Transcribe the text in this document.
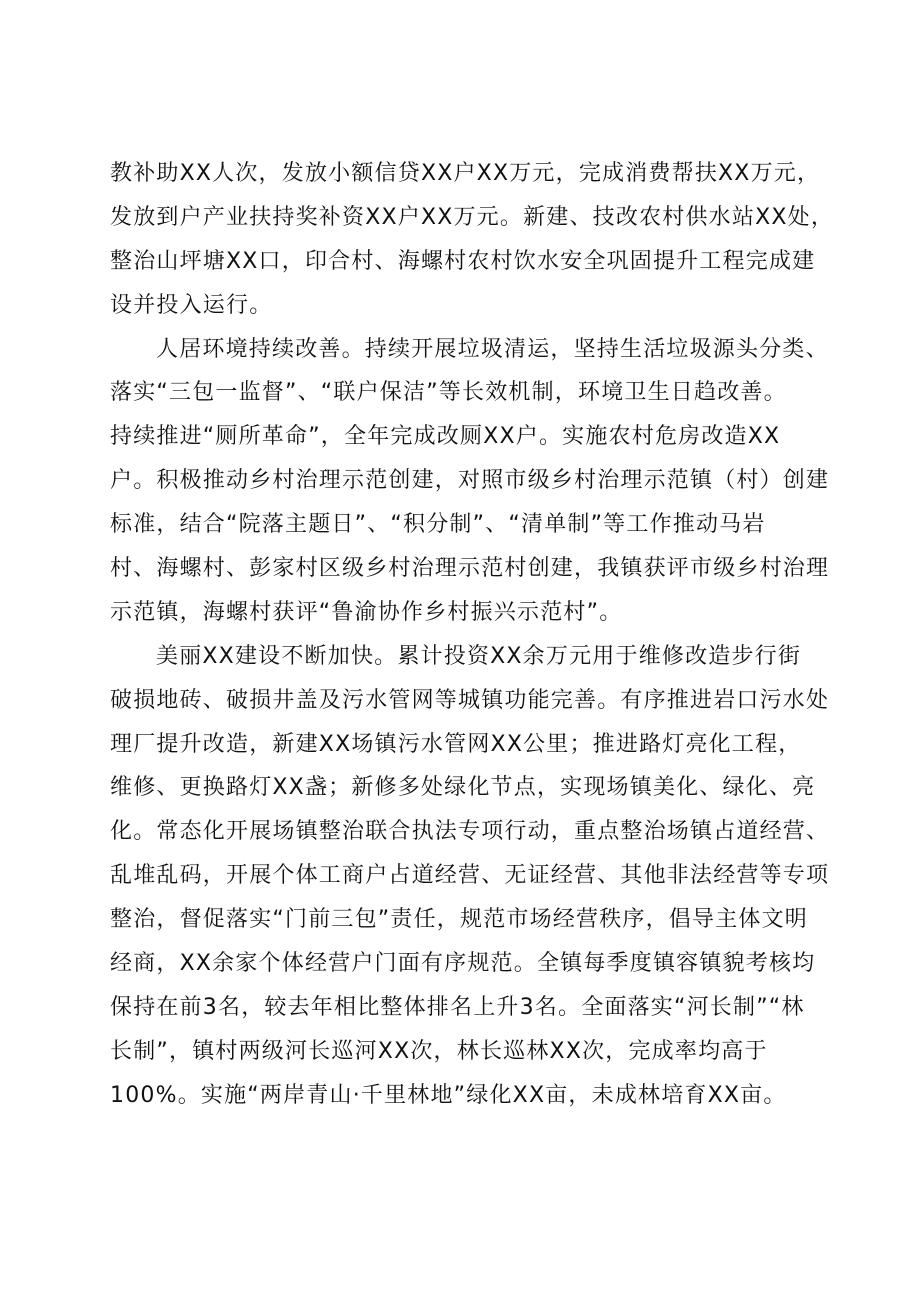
教补助XX人次，发放小额信贷XX户XX万元，完成消费帮扶XX万元，
发放到户产业扶持奖补资XX户XX万元。新建、技改农村供水站XX处，
整治山坪塘XX口，印合村、海螺村农村饮水安全巩固提升工程完成建
设并投入运行。
人居环境持续改善。持续开展垃圾清运，坚持生活垃圾源头分类、
落实“三包一监督”、“联户保洁”等长效机制，环境卫生日趋改善。
持续推进“厕所革命”，全年完成改厕XX户。实施农村危房改造XX
户。积极推动乡村治理示范创建，对照市级乡村治理示范镇（村）创建
标准，结合“院落主题日”、“积分制”、“清单制”等工作推动马岩
村、海螺村、彭家村区级乡村治理示范村创建，我镇获评市级乡村治理
示范镇，海螺村获评“鲁渝协作乡村振兴示范村”。
美丽XX建设不断加快。累计投资XX余万元用于维修改造步行街
破损地砖、破损井盖及污水管网等城镇功能完善。有序推进岩口污水处
理厂提升改造，新建XX场镇污水管网XX公里；推进路灯亮化工程，
维修、更换路灯XX盏；新修多处绿化节点，实现场镇美化、绿化、亮
化。常态化开展场镇整治联合执法专项行动，重点整治场镇占道经营、
乱堆乱码，开展个体工商户占道经营、无证经营、其他非法经营等专项
整治，督促落实“门前三包”责任，规范市场经营秩序，倡导主体文明
经商，XX余家个体经营户门面有序规范。全镇每季度镇容镇貌考核均
保持在前3名，较去年相比整体排名上升3名。全面落实“河长制”“林
长制”，镇村两级河长巡河XX次，林长巡林XX次，完成率均高于
100%。实施“两岸青山·千里林地”绿化XX亩，未成林培育XX亩。
